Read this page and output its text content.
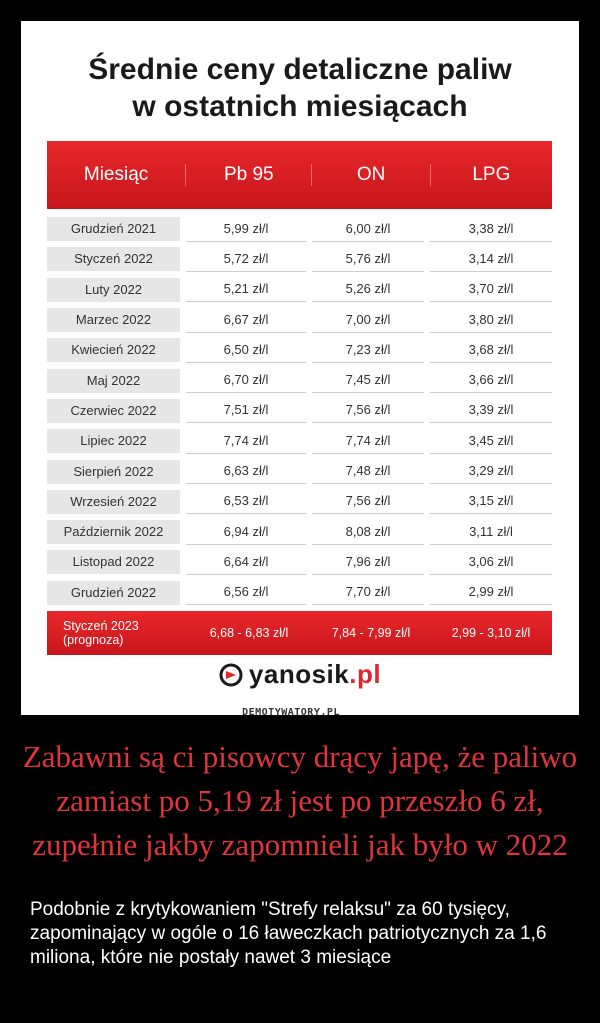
Średnie ceny detaliczne paliw
w ostatnich miesiącach
Miesiąc	Pb 95	ON	LPG
Grudzień 2021	5,99 zł/l	6,00 zł/l	3,38 zł/l
Styczeń 2022	5,72 zł/l	5,76 zł/l	3,14 zł/l
Luty 2022	5,21 zł/l	5,26 zł/l	3,70 zł/l
Marzec 2022	6,67 zł/l	7,00 zł/l	3,80 zł/l
Kwiecień 2022	6,50 zł/l	7,23 zł/l	3,68 zł/l
Maj 2022	6,70 zł/l	7,45 zł/l	3,66 zł/l
Czerwiec 2022	7,51 zł/l	7,56 zł/l	3,39 zł/l
Lipiec 2022	7,74 zł/l	7,74 zł/l	3,45 zł/l
Sierpień 2022	6,63 zł/l	7,48 zł/l	3,29 zł/l
Wrzesień 2022	6,53 zł/l	7,56 zł/l	3,15 zł/l
Październik 2022	6,94 zł/l	8,08 zł/l	3,11 zł/l
Listopad 2022	6,64 zł/l	7,96 zł/l	3,06 zł/l
Grudzień 2022	6,56 zł/l	7,70 zł/l	2,99 zł/l
Styczeń 2023
(prognoza)	6,68 - 6,83 zł/l	7,84 - 7,99 zł/l	2,99 - 3,10 zł/l
yanosik.pl
DEMOTYWATORY.PL
Zabawni są ci pisowcy drący japę, że paliwo zamiast po 5,19 zł jest po przeszło 6 zł, zupełnie jakby zapomnieli jak było w 2022
Podobnie z krytykowaniem "Strefy relaksu" za 60 tysięcy, zapominający w ogóle o 16 ławeczkach patriotycznych za 1,6 miliona, które nie postały nawet 3 miesiące
